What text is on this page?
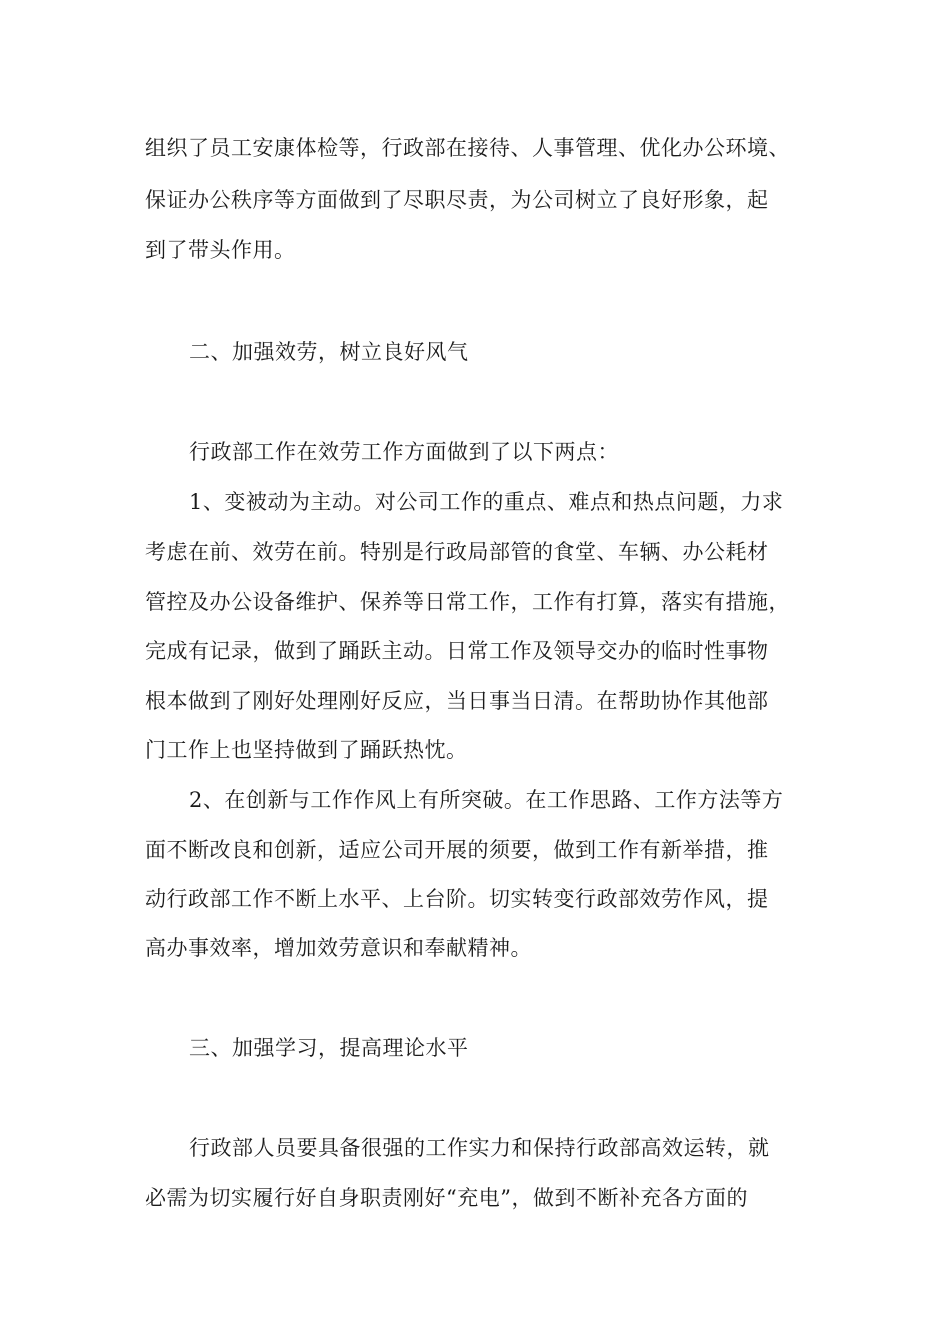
组织了员工安康体检等，行政部在接待、人事管理、优化办公环境、
保证办公秩序等方面做到了尽职尽责，为公司树立了良好形象，起
到了带头作用。
二、加强效劳，树立良好风气
行政部工作在效劳工作方面做到了以下两点：
1、变被动为主动。对公司工作的重点、难点和热点问题，力求
考虑在前、效劳在前。特别是行政局部管的食堂、车辆、办公耗材
管控及办公设备维护、保养等日常工作，工作有打算，落实有措施，
完成有记录，做到了踊跃主动。日常工作及领导交办的临时性事物
根本做到了刚好处理刚好反应，当日事当日清。在帮助协作其他部
门工作上也坚持做到了踊跃热忱。
2、在创新与工作作风上有所突破。在工作思路、工作方法等方
面不断改良和创新，适应公司开展的须要，做到工作有新举措，推
动行政部工作不断上水平、上台阶。切实转变行政部效劳作风，提
高办事效率，增加效劳意识和奉献精神。
三、加强学习，提高理论水平
行政部人员要具备很强的工作实力和保持行政部高效运转，就
必需为切实履行好自身职责刚好“充电”，做到不断补充各方面的
